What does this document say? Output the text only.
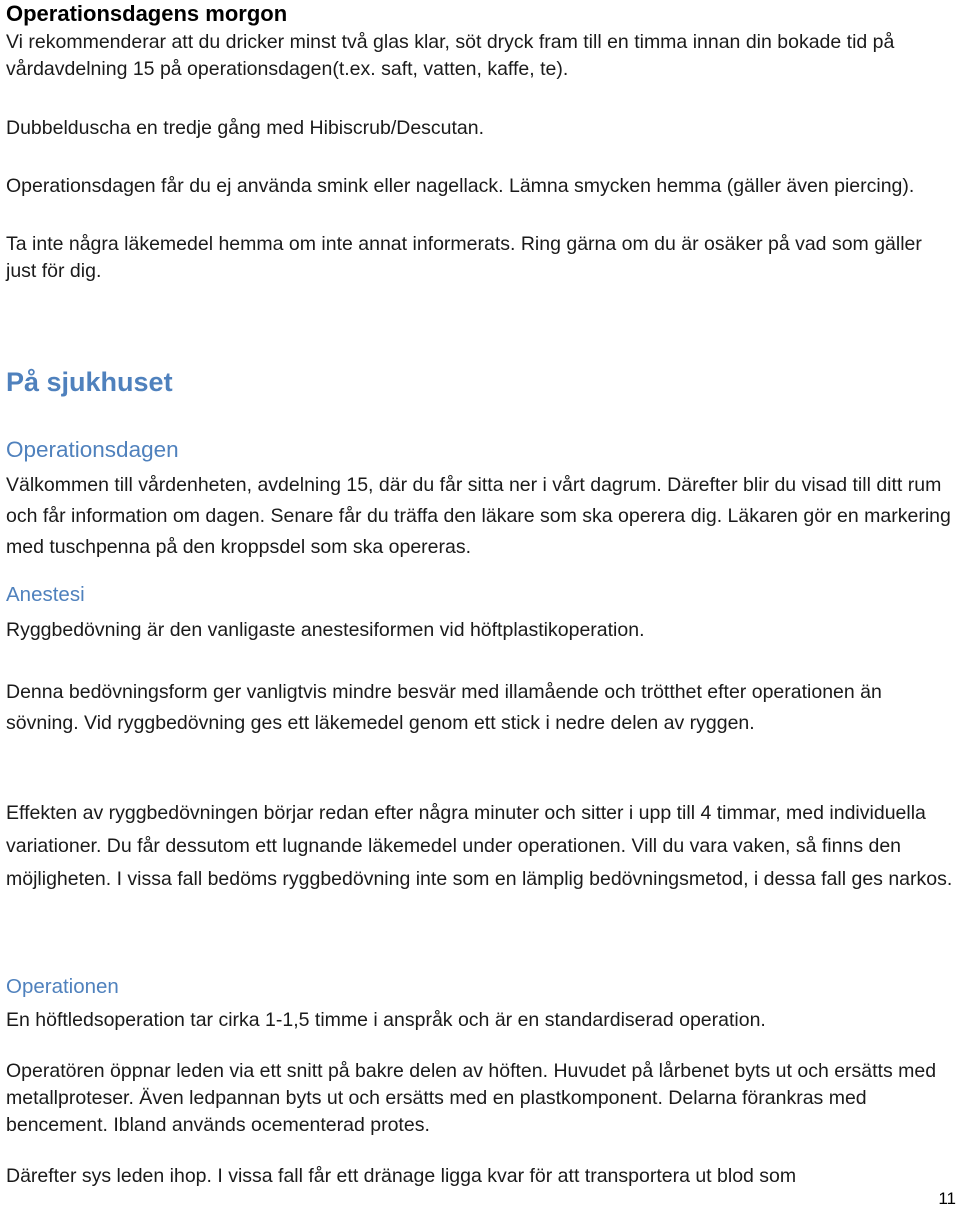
Operationsdagens morgon
Vi rekommenderar att du dricker minst två glas klar, söt dryck fram till en timma innan din bokade tid på vårdavdelning 15 på operationsdagen(t.ex. saft, vatten, kaffe, te).
Dubbelduscha en tredje gång med Hibiscrub/Descutan.
Operationsdagen får du ej använda smink eller nagellack. Lämna smycken hemma (gäller även piercing).
Ta inte några läkemedel hemma om inte annat informerats. Ring gärna om du är osäker på vad som gäller just för dig.
På sjukhuset
Operationsdagen
Välkommen till vårdenheten, avdelning 15, där du får sitta ner i vårt dagrum. Därefter blir du visad till ditt rum och får information om dagen. Senare får du träffa den läkare som ska operera dig. Läkaren gör en markering med tuschpenna på den kroppsdel som ska opereras.
Anestesi
Ryggbedövning är den vanligaste anestesiformen vid höftplastikoperation.
Denna bedövningsform ger vanligtvis mindre besvär med illamående och trötthet efter operationen än sövning. Vid ryggbedövning ges ett läkemedel genom ett stick i nedre delen av ryggen.
Effekten av ryggbedövningen börjar redan efter några minuter och sitter i upp till 4 timmar, med individuella variationer. Du får dessutom ett lugnande läkemedel under operationen. Vill du vara vaken, så finns den möjligheten. I vissa fall bedöms ryggbedövning inte som en lämplig bedövningsmetod, i dessa fall ges narkos.
Operationen
En höftledsoperation tar cirka 1-1,5 timme i anspråk och är en standardiserad operation.
Operatören öppnar leden via ett snitt på bakre delen av höften. Huvudet på lårbenet byts ut och ersätts med metallproteser. Även ledpannan byts ut och ersätts med en plastkomponent. Delarna förankras med bencement. Ibland används ocementerad protes.
Därefter sys leden ihop. I vissa fall får ett dränage ligga kvar för att transportera ut blod som
11
